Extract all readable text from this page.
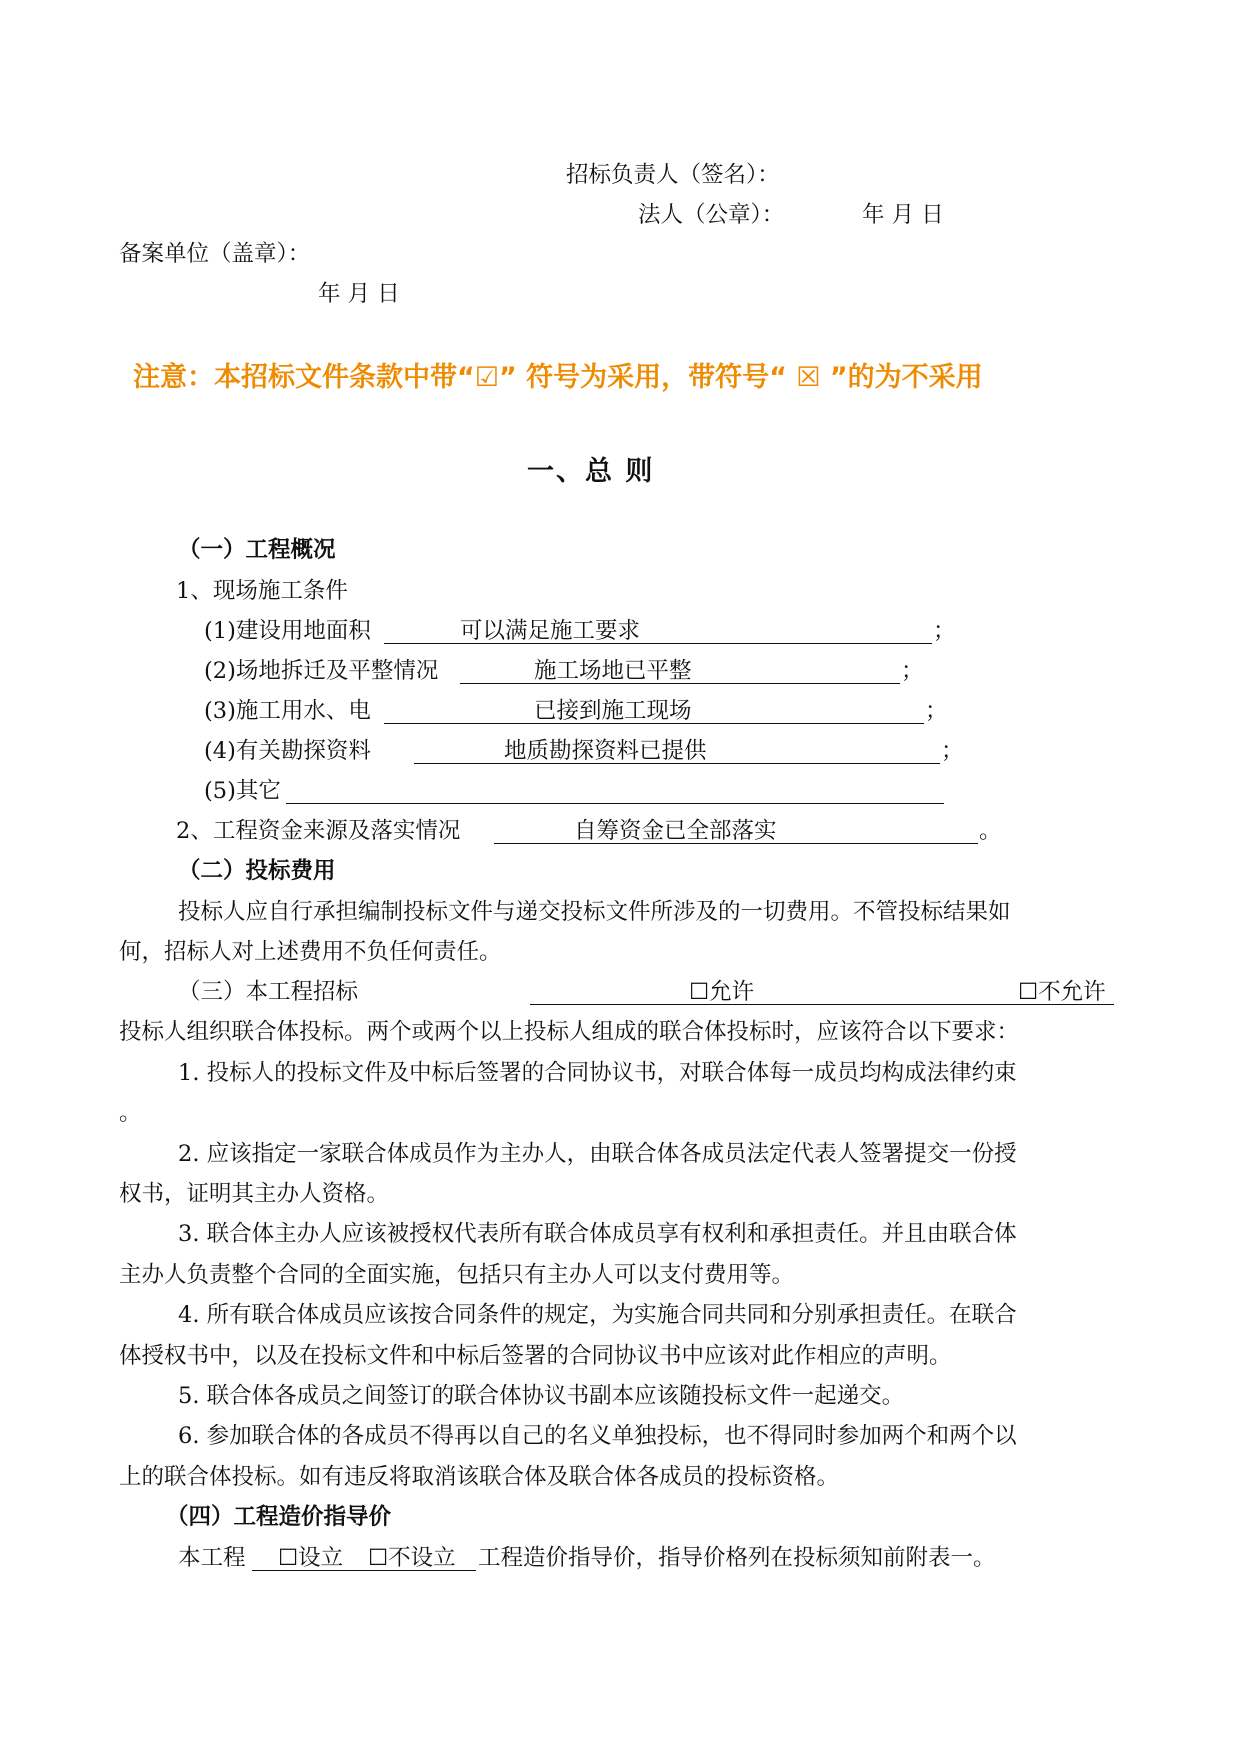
招标负责人（签名）：
法人（公章）：	年 月 日
备案单位（盖章）：
年 月 日
注意：本招标文件条款中带“☑” 符号为采用，带符号“ ☒ ”的为不采用
一、总 则
（一）工程概况
1、现场施工条件
(1)建设用地面积	可以满足施工要求	；
(2)场地拆迁及平整情况	施工场地已平整	；
(3)施工用水、电	已接到施工现场	；
(4)有关勘探资料	地质勘探资料已提供	；
(5)其它
2、工程资金来源及落实情况	自筹资金已全部落实	。
（二）投标费用
投标人应自行承担编制投标文件与递交投标文件所涉及的一切费用。不管投标结果如
何，招标人对上述费用不负任何责任。
（三）本工程招标	☐允许	☐不允许
投标人组织联合体投标。两个或两个以上投标人组成的联合体投标时，应该符合以下要求：
1. 投标人的投标文件及中标后签署的合同协议书，对联合体每一成员均构成法律约束
。
2. 应该指定一家联合体成员作为主办人，由联合体各成员法定代表人签署提交一份授
权书，证明其主办人资格。
3. 联合体主办人应该被授权代表所有联合体成员享有权利和承担责任。并且由联合体
主办人负责整个合同的全面实施，包括只有主办人可以支付费用等。
4. 所有联合体成员应该按合同条件的规定，为实施合同共同和分别承担责任。在联合
体授权书中，以及在投标文件和中标后签署的合同协议书中应该对此作相应的声明。
5. 联合体各成员之间签订的联合体协议书副本应该随投标文件一起递交。
6. 参加联合体的各成员不得再以自己的名义单独投标，也不得同时参加两个和两个以
上的联合体投标。如有违反将取消该联合体及联合体各成员的投标资格。
（四）工程造价指导价
本工程 ☐设立 ☐不设立 工程造价指导价，指导价格列在投标须知前附表一。
